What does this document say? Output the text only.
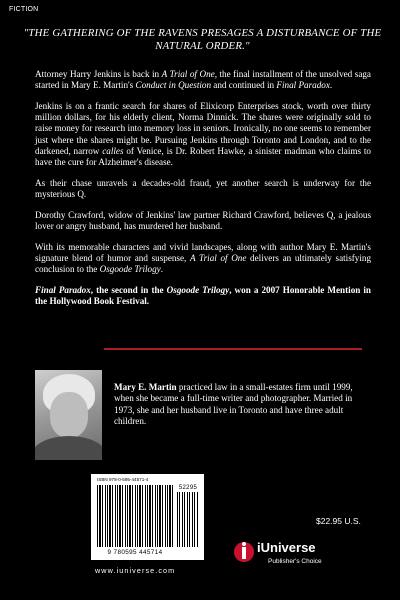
FICTION
"THE GATHERING OF THE RAVENS PRESAGES A DISTURBANCE OF THE NATURAL ORDER."

Attorney Harry Jenkins is back in A Trial of One, the final installment of the unsolved saga started in Mary E. Martin's Conduct in Question and continued in Final Paradox.

Jenkins is on a frantic search for shares of Elixicorp Enterprises stock, worth over thirty million dollars, for his elderly client, Norma Dinnick. The shares were originally sold to raise money for research into memory loss in seniors. Ironically, no one seems to remember just where the shares might be. Pursuing Jenkins through Toronto and London, and to the darkened, narrow calles of Venice, is Dr. Robert Hawke, a sinister madman who claims to have the cure for Alzheimer's disease.

As their chase unravels a decades-old fraud, yet another search is underway for the mysterious Q.

Dorothy Crawford, widow of Jenkins' law partner Richard Crawford, believes Q, a jealous lover or angry husband, has murdered her husband.

With its memorable characters and vivid landscapes, along with author Mary E. Martin's signature blend of humor and suspense, A Trial of One delivers an ultimately satisfying conclusion to the Osgoode Trilogy.

Final Paradox, the second in the Osgoode Trilogy, won a 2007 Honorable Mention in the Hollywood Book Festival.

Mary E. Martin practiced law in a small-estates firm until 1999, when she became a full-time writer and photographer. Married in 1973, she and her husband live in Toronto and have three adult children.
ISBN 978-0-595-44571-4
52295
9 780595 445714
$22.95 U.S.
www.iuniverse.com
iUniverse
Publisher's Choice
